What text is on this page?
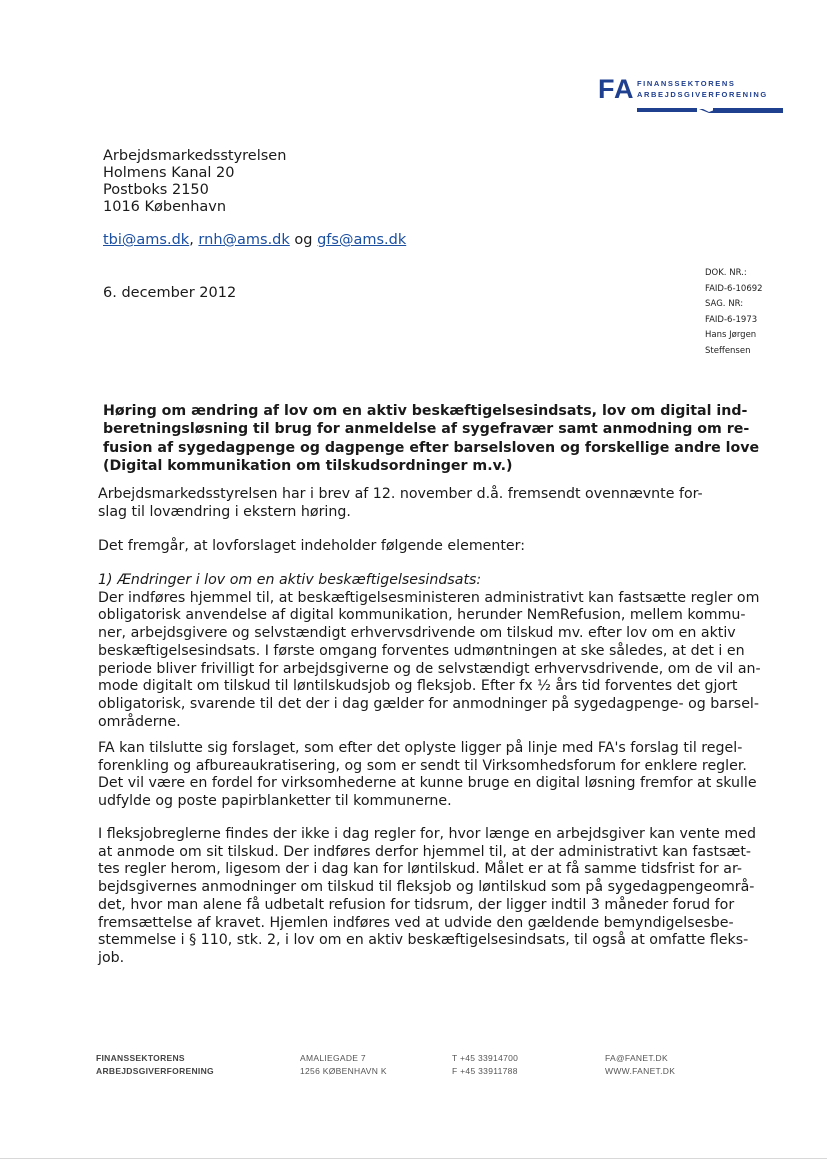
FA FINANSSEKTORENS
ARBEJDSGIVERFORENING
Arbejdsmarkedsstyrelsen
Holmens Kanal 20
Postboks 2150
1016 København
tbi@ams.dk, rnh@ams.dk og gfs@ams.dk
6. december 2012
DOK. NR.:
FAID-6-10692
SAG. NR:
FAID-6-1973
Hans Jørgen
Steffensen
Høring om ændring af lov om en aktiv beskæftigelsesindsats, lov om digital ind-
beretningsløsning til brug for anmeldelse af sygefravær samt anmodning om re-
fusion af sygedagpenge og dagpenge efter barselsloven og forskellige andre love
(Digital kommunikation om tilskudsordninger m.v.)
Arbejdsmarkedsstyrelsen har i brev af 12. november d.å. fremsendt ovennævnte for-
slag til lovændring i ekstern høring.
Det fremgår, at lovforslaget indeholder følgende elementer:
1) Ændringer i lov om en aktiv beskæftigelsesindsats:
Der indføres hjemmel til, at beskæftigelsesministeren administrativt kan fastsætte regler om
obligatorisk anvendelse af digital kommunikation, herunder NemRefusion, mellem kommu-
ner, arbejdsgivere og selvstændigt erhvervsdrivende om tilskud mv. efter lov om en aktiv
beskæftigelsesindsats. I første omgang forventes udmøntningen at ske således, at det i en
periode bliver frivilligt for arbejdsgiverne og de selvstændigt erhvervsdrivende, om de vil an-
mode digitalt om tilskud til løntilskudsjob og fleksjob. Efter fx ½ års tid forventes det gjort
obligatorisk, svarende til det der i dag gælder for anmodninger på sygedagpenge- og barsel-
områderne.
FA kan tilslutte sig forslaget, som efter det oplyste ligger på linje med FA's forslag til regel-
forenkling og afbureaukratisering, og som er sendt til Virksomhedsforum for enklere regler.
Det vil være en fordel for virksomhederne at kunne bruge en digital løsning fremfor at skulle
udfylde og poste papirblanketter til kommunerne.
I fleksjobreglerne findes der ikke i dag regler for, hvor længe en arbejdsgiver kan vente med
at anmode om sit tilskud. Der indføres derfor hjemmel til, at der administrativt kan fastsæt-
tes regler herom, ligesom der i dag kan for løntilskud. Målet er at få samme tidsfrist for ar-
bejdsgivernes anmodninger om tilskud til fleksjob og løntilskud som på sygedagpengeområ-
det, hvor man alene få udbetalt refusion for tidsrum, der ligger indtil 3 måneder forud for
fremsættelse af kravet. Hjemlen indføres ved at udvide den gældende bemyndigelsesbe-
stemmelse i § 110, stk. 2, i lov om en aktiv beskæftigelsesindsats, til også at omfatte fleks-
job.
FINANSSEKTORENS
ARBEJDSGIVERFORENING
AMALIEGADE 7
1256 KØBENHAVN K
T +45 33914700
F +45 33911788
FA@FANET.DK
WWW.FANET.DK
